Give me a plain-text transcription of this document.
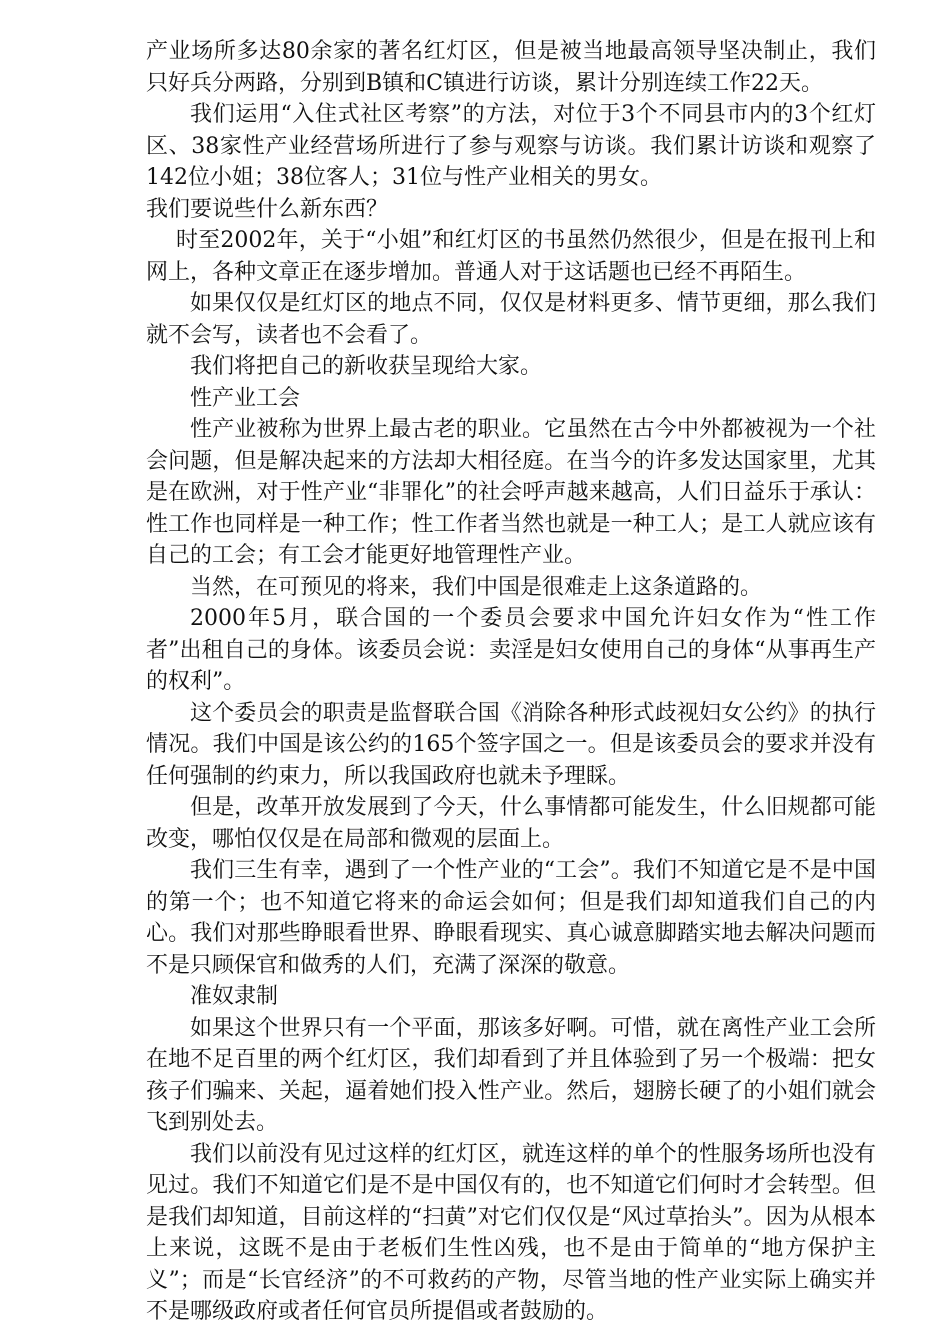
产业场所多达80余家的著名红灯区，但是被当地最高领导坚决制止，我们只好兵分两路，分别到B镇和C镇进行访谈，累计分别连续工作22天。

我们运用“入住式社区考察”的方法，对位于3个不同县市内的3个红灯区、38家性产业经营场所进行了参与观察与访谈。我们累计访谈和观察了142位小姐；38位客人；31位与性产业相关的男女。

我们要说些什么新东西？

时至2002年，关于“小姐”和红灯区的书虽然仍然很少，但是在报刊上和网上，各种文章正在逐步增加。普通人对于这话题也已经不再陌生。

如果仅仅是红灯区的地点不同，仅仅是材料更多、情节更细，那么我们就不会写，读者也不会看了。

我们将把自己的新收获呈现给大家。

性产业工会

性产业被称为世界上最古老的职业。它虽然在古今中外都被视为一个社会问题，但是解决起来的方法却大相径庭。在当今的许多发达国家里，尤其是在欧洲，对于性产业“非罪化”的社会呼声越来越高，人们日益乐于承认：性工作也同样是一种工作；性工作者当然也就是一种工人；是工人就应该有自己的工会；有工会才能更好地管理性产业。

当然，在可预见的将来，我们中国是很难走上这条道路的。

2000年5月，联合国的一个委员会要求中国允许妇女作为“性工作者”出租自己的身体。该委员会说：卖淫是妇女使用自己的身体“从事再生产的权利”。

这个委员会的职责是监督联合国《消除各种形式歧视妇女公约》的执行情况。我们中国是该公约的165个签字国之一。但是该委员会的要求并没有任何强制的约束力，所以我国政府也就未予理睬。

但是，改革开放发展到了今天，什么事情都可能发生，什么旧规都可能改变，哪怕仅仅是在局部和微观的层面上。

我们三生有幸，遇到了一个性产业的“工会”。我们不知道它是不是中国的第一个；也不知道它将来的命运会如何；但是我们却知道我们自己的内心。我们对那些睁眼看世界、睁眼看现实、真心诚意脚踏实地去解决问题而不是只顾保官和做秀的人们，充满了深深的敬意。

准奴隶制

如果这个世界只有一个平面，那该多好啊。可惜，就在离性产业工会所在地不足百里的两个红灯区，我们却看到了并且体验到了另一个极端：把女孩子们骗来、关起，逼着她们投入性产业。然后，翅膀长硬了的小姐们就会飞到别处去。

我们以前没有见过这样的红灯区，就连这样的单个的性服务场所也没有见过。我们不知道它们是不是中国仅有的，也不知道它们何时才会转型。但是我们却知道，目前这样的“扫黄”对它们仅仅是“风过草抬头”。因为从根本上来说，这既不是由于老板们生性凶残，也不是由于简单的“地方保护主义”；而是“长官经济”的不可救药的产物，尽管当地的性产业实际上确实并不是哪级政府或者任何官员所提倡或者鼓励的。
